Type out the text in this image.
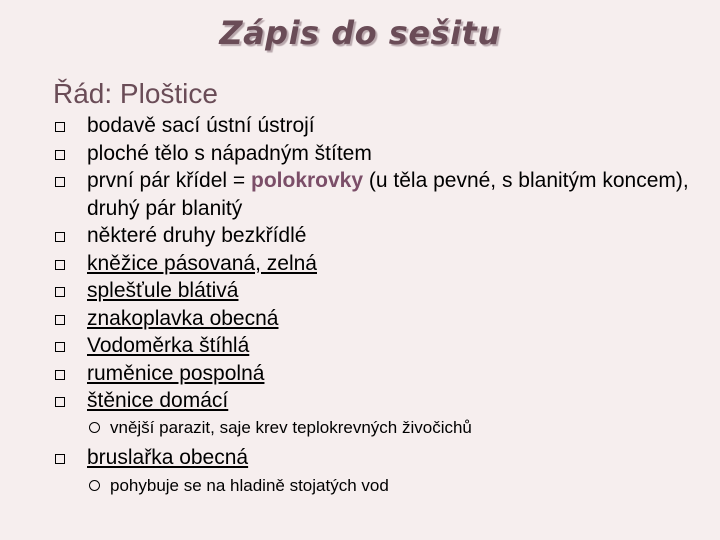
Zápis do sešitu
Řád: Ploštice
bodavě sací ústní ústrojí
ploché tělo s nápadným štítem
první pár křídel = polokrovky (u těla pevné, s blanitým koncem), druhý pár blanitý
některé druhy bezkřídlé
kněžice pásovaná, zelná
splešťule blátivá
znakoplavka obecná
Vodoměrka štíhlá
ruměnice pospolná
štěnice domácí
vnější parazit, saje krev teplokrevných živočichů
bruslařka obecná
pohybuje se na hladině stojatých vod
